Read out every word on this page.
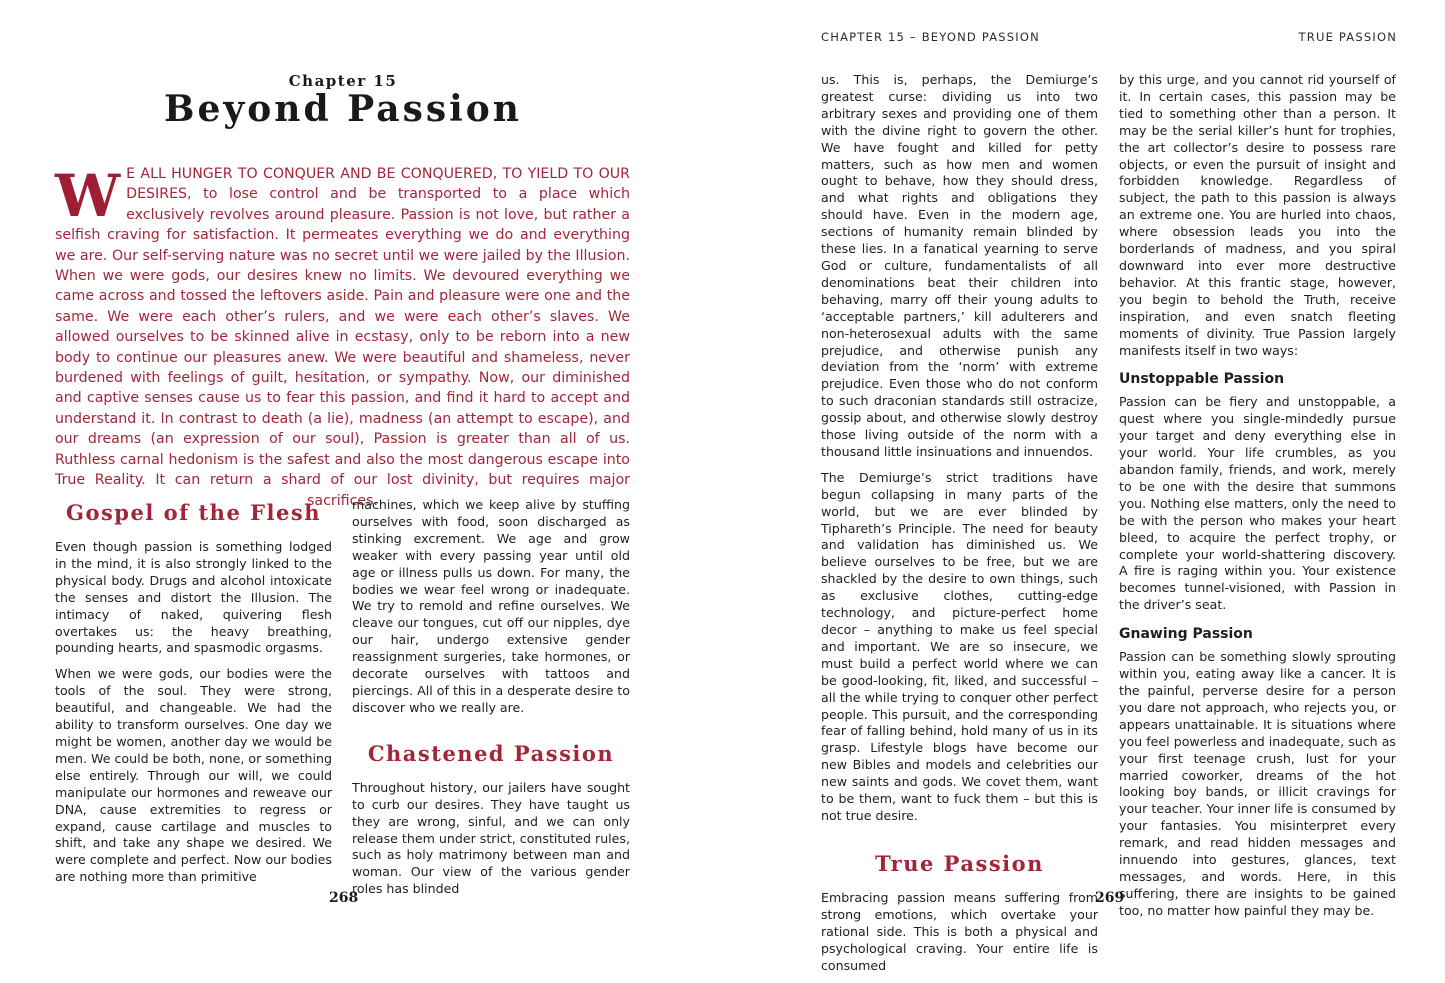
Chapter 15
Beyond Passion
WE ALL HUNGER TO CONQUER AND BE CONQUERED, TO YIELD TO OUR DESIRES, to lose control and be transported to a place which exclusively revolves around pleasure. Passion is not love, but rather a selfish craving for satisfaction. It permeates everything we do and everything we are. Our self-serving nature was no secret until we were jailed by the Illusion. When we were gods, our desires knew no limits. We devoured everything we came across and tossed the leftovers aside. Pain and pleasure were one and the same. We were each other’s rulers, and we were each other’s slaves. We allowed ourselves to be skinned alive in ecstasy, only to be reborn into a new body to continue our pleasures anew. We were beautiful and shameless, never burdened with feelings of guilt, hesitation, or sympathy. Now, our diminished and captive senses cause us to fear this passion, and find it hard to accept and understand it. In contrast to death (a lie), madness (an attempt to escape), and our dreams (an expression of our soul), Passion is greater than all of us. Ruthless carnal hedonism is the safest and also the most dangerous escape into True Reality. It can return a shard of our lost divinity, but requires major sacrifices.
Gospel of the Flesh

Even though passion is something lodged in the mind, it is also strongly linked to the physical body. Drugs and alcohol intoxicate the senses and distort the Illusion. The intimacy of naked, quivering flesh overtakes us: the heavy breathing, pounding hearts, and spasmodic orgasms.

When we were gods, our bodies were the tools of the soul. They were strong, beautiful, and changeable. We had the ability to transform ourselves. One day we might be women, another day we would be men. We could be both, none, or something else entirely. Through our will, we could manipulate our hormones and reweave our DNA, cause extremities to regress or expand, cause cartilage and muscles to shift, and take any shape we desired. We were complete and perfect. Now our bodies are nothing more than primitive

machines, which we keep alive by stuffing ourselves with food, soon discharged as stinking excrement. We age and grow weaker with every passing year until old age or illness pulls us down. For many, the bodies we wear feel wrong or inadequate. We try to remold and refine ourselves. We cleave our tongues, cut off our nipples, dye our hair, undergo extensive gender reassignment surgeries, take hormones, or decorate ourselves with tattoos and piercings. All of this in a desperate desire to discover who we really are.

Chastened Passion

Throughout history, our jailers have sought to curb our desires. They have taught us they are wrong, sinful, and we can only release them under strict, constituted rules, such as holy matrimony between man and woman. Our view of the various gender roles has blinded

268
CHAPTER 15 – BEYOND PASSION	TRUE PASSION

us. This is, perhaps, the Demiurge’s greatest curse: dividing us into two arbitrary sexes and providing one of them with the divine right to govern the other. We have fought and killed for petty matters, such as how men and women ought to behave, how they should dress, and what rights and obligations they should have. Even in the modern age, sections of humanity remain blinded by these lies. In a fanatical yearning to serve God or culture, fundamentalists of all denominations beat their children into behaving, marry off their young adults to ‘acceptable partners,’ kill adulterers and non-heterosexual adults with the same prejudice, and otherwise punish any deviation from the ‘norm’ with extreme prejudice. Even those who do not conform to such draconian standards still ostracize, gossip about, and otherwise slowly destroy those living outside of the norm with a thousand little insinuations and innuendos.

The Demiurge’s strict traditions have begun collapsing in many parts of the world, but we are ever blinded by Tiphareth’s Principle. The need for beauty and validation has diminished us. We believe ourselves to be free, but we are shackled by the desire to own things, such as exclusive clothes, cutting-edge technology, and picture-perfect home decor – anything to make us feel special and important. We are so insecure, we must build a perfect world where we can be good-looking, fit, liked, and successful – all the while trying to conquer other perfect people. This pursuit, and the corresponding fear of falling behind, hold many of us in its grasp. Lifestyle blogs have become our new Bibles and models and celebrities our new saints and gods. We covet them, want to be them, want to fuck them – but this is not true desire.

True Passion

Embracing passion means suffering from strong emotions, which overtake your rational side. This is both a physical and psychological craving. Your entire life is consumed

by this urge, and you cannot rid yourself of it. In certain cases, this passion may be tied to something other than a person. It may be the serial killer’s hunt for trophies, the art collector’s desire to possess rare objects, or even the pursuit of insight and forbidden knowledge. Regardless of subject, the path to this passion is always an extreme one. You are hurled into chaos, where obsession leads you into the borderlands of madness, and you spiral downward into ever more destructive behavior. At this frantic stage, however, you begin to behold the Truth, receive inspiration, and even snatch fleeting moments of divinity. True Passion largely manifests itself in two ways:

Unstoppable Passion

Passion can be fiery and unstoppable, a quest where you single-mindedly pursue your target and deny everything else in your world. Your life crumbles, as you abandon family, friends, and work, merely to be one with the desire that summons you. Nothing else matters, only the need to be with the person who makes your heart bleed, to acquire the perfect trophy, or complete your world-shattering discovery. A fire is raging within you. Your existence becomes tunnel-visioned, with Passion in the driver’s seat.

Gnawing Passion

Passion can be something slowly sprouting within you, eating away like a cancer. It is the painful, perverse desire for a person you dare not approach, who rejects you, or appears unattainable. It is situations where you feel powerless and inadequate, such as your first teenage crush, lust for your married coworker, dreams of the hot looking boy bands, or illicit cravings for your teacher. Your inner life is consumed by your fantasies. You misinterpret every remark, and read hidden messages and innuendo into gestures, glances, text messages, and words. Here, in this suffering, there are insights to be gained too, no matter how painful they may be.

269
